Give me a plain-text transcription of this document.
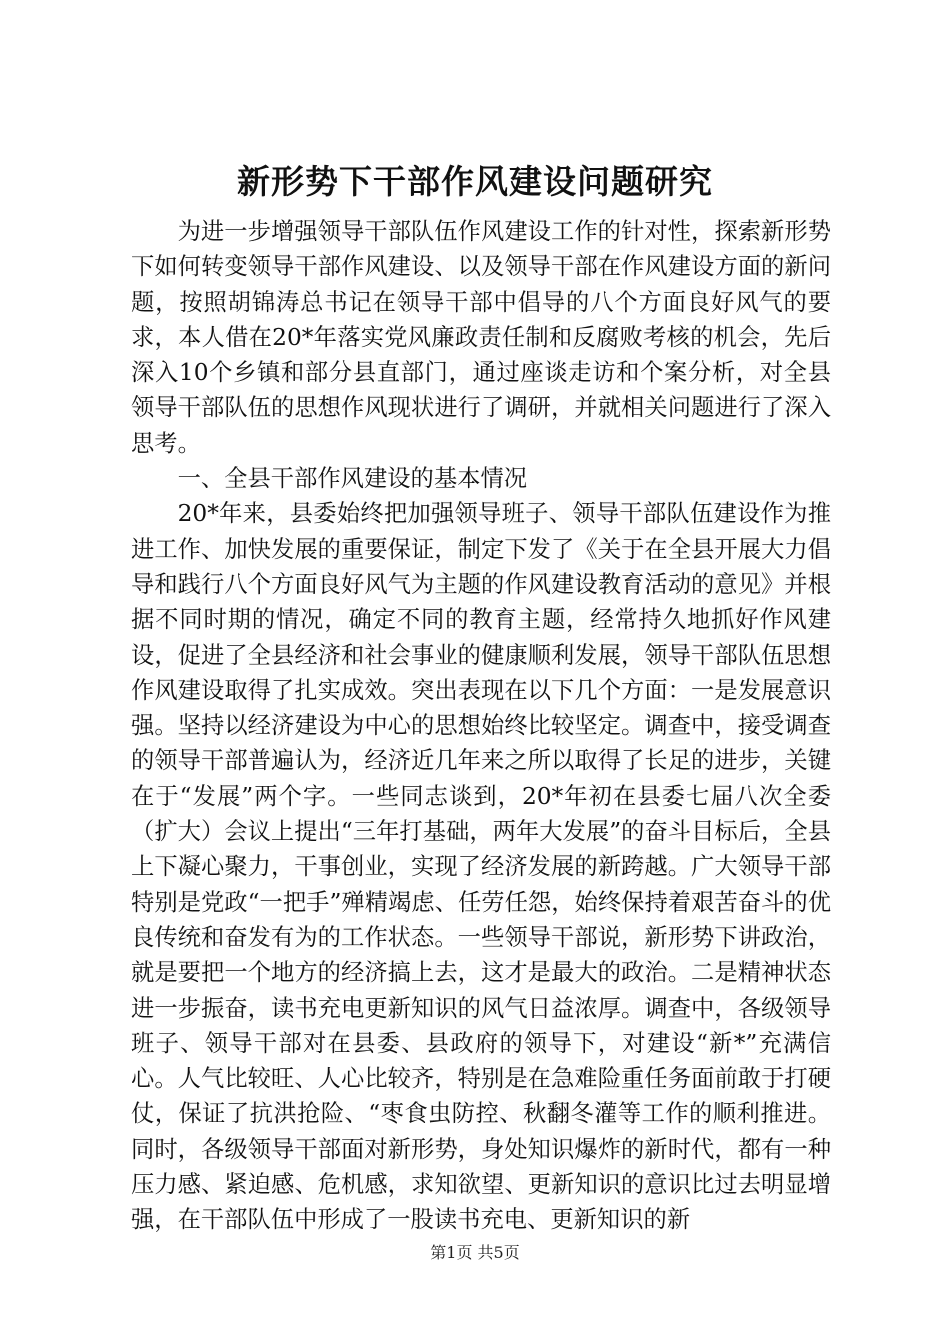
新形势下干部作风建设问题研究

为进一步增强领导干部队伍作风建设工作的针对性，探索新形势下如何转变领导干部作风建设、以及领导干部在作风建设方面的新问题，按照胡锦涛总书记在领导干部中倡导的八个方面良好风气的要求，本人借在20*年落实党风廉政责任制和反腐败考核的机会，先后深入10个乡镇和部分县直部门，通过座谈走访和个案分析，对全县领导干部队伍的思想作风现状进行了调研，并就相关问题进行了深入思考。

一、全县干部作风建设的基本情况

20*年来，县委始终把加强领导班子、领导干部队伍建设作为推进工作、加快发展的重要保证，制定下发了《关于在全县开展大力倡导和践行八个方面良好风气为主题的作风建设教育活动的意见》并根据不同时期的情况，确定不同的教育主题，经常持久地抓好作风建设，促进了全县经济和社会事业的健康顺利发展，领导干部队伍思想作风建设取得了扎实成效。突出表现在以下几个方面：一是发展意识强。坚持以经济建设为中心的思想始终比较坚定。调查中，接受调查的领导干部普遍认为，经济近几年来之所以取得了长足的进步，关键在于“发展”两个字。一些同志谈到，20*年初在县委七届八次全委（扩大）会议上提出“三年打基础，两年大发展”的奋斗目标后，全县上下凝心聚力，干事创业，实现了经济发展的新跨越。广大领导干部特别是党政“一把手”殚精竭虑、任劳任怨，始终保持着艰苦奋斗的优良传统和奋发有为的工作状态。一些领导干部说，新形势下讲政治，就是要把一个地方的经济搞上去，这才是最大的政治。二是精神状态进一步振奋，读书充电更新知识的风气日益浓厚。调查中，各级领导班子、领导干部对在县委、县政府的领导下，对建设“新*”充满信心。人气比较旺、人心比较齐，特别是在急难险重任务面前敢于打硬仗，保证了抗洪抢险、“枣食虫防控、秋翻冬灌等工作的顺利推进。同时，各级领导干部面对新形势，身处知识爆炸的新时代，都有一种压力感、紧迫感、危机感，求知欲望、更新知识的意识比过去明显增强，在干部队伍中形成了一股读书充电、更新知识的新

第1页 共5页
